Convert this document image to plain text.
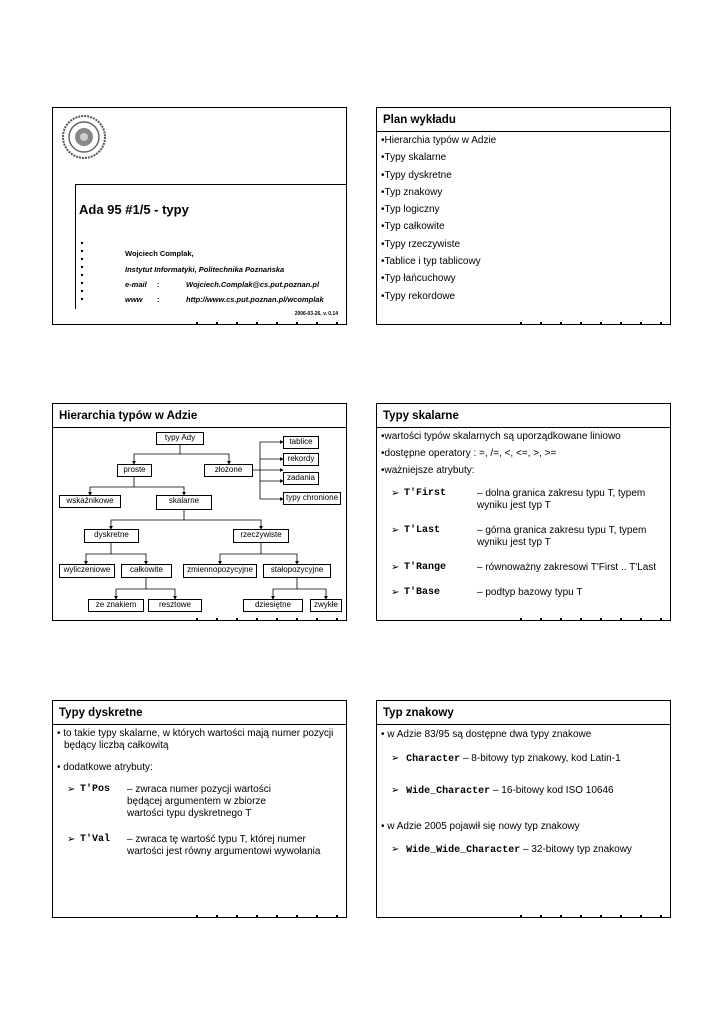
Ada 95 #1/5 - typy
Wojciech Complak,
Instytut Informatyki, Politechnika Poznańska
e-mail :	Wojciech.Complak@cs.put.poznan.pl
www :	http://www.cs.put.poznan.pl/wcomplak
2006-03-26, v. 0.14
Plan wykładu
• Hierarchia typów w Adzie
• Typy skalarne
• Typy dyskretne
• Typ znakowy
• Typ logiczny
• Typ całkowite
• Typy rzeczywiste
• Tablice i typ tablicowy
• Typ łańcuchowy
• Typy rekordowe
Hierarchia typów w Adzie
typy Ady
proste	złożone
tablice
rekordy
zadania
typy chronione
wskaźnikowe	skalarne
dyskretne	rzeczywiste
wyliczeniowe	całkowite	zmiennopozycyjne	stałopozycyjne
ze znakiem	resztowe	dziesiętne	zwykłe
Typy skalarne
• wartości typów skalarnych są uporządkowane liniowo
• dostępne operatory : =, /=, <, <=, >, >=
• ważniejsze atrybuty:
➢ T'First	– dolna granica zakresu typu T, typem wyniku jest typ T
➢ T'Last	– górna granica zakresu typu T, typem wyniku jest typ T
➢ T'Range	– równoważny zakresowi T'First .. T'Last
➢ T'Base	– podtyp bazowy typu T
Typy dyskretne
• to takie typy skalarne, w których wartości mają numer pozycji będący liczbą całkowitą
• dodatkowe atrybuty:
➢ T'Pos – zwraca numer pozycji wartości będącej argumentem w zbiorze wartości typu dyskretnego T
➢ T'Val – zwraca tę wartość typu T, której numer wartości jest równy argumentowi wywołania
Typ znakowy
• w Adzie 83/95 są dostępne dwa typy znakowe
➢ Character – 8-bitowy typ znakowy, kod Latin-1
➢ Wide_Character – 16-bitowy kod ISO 10646
• w Adzie 2005 pojawił się nowy typ znakowy
➢ Wide_Wide_Character – 32-bitowy typ znakowy
